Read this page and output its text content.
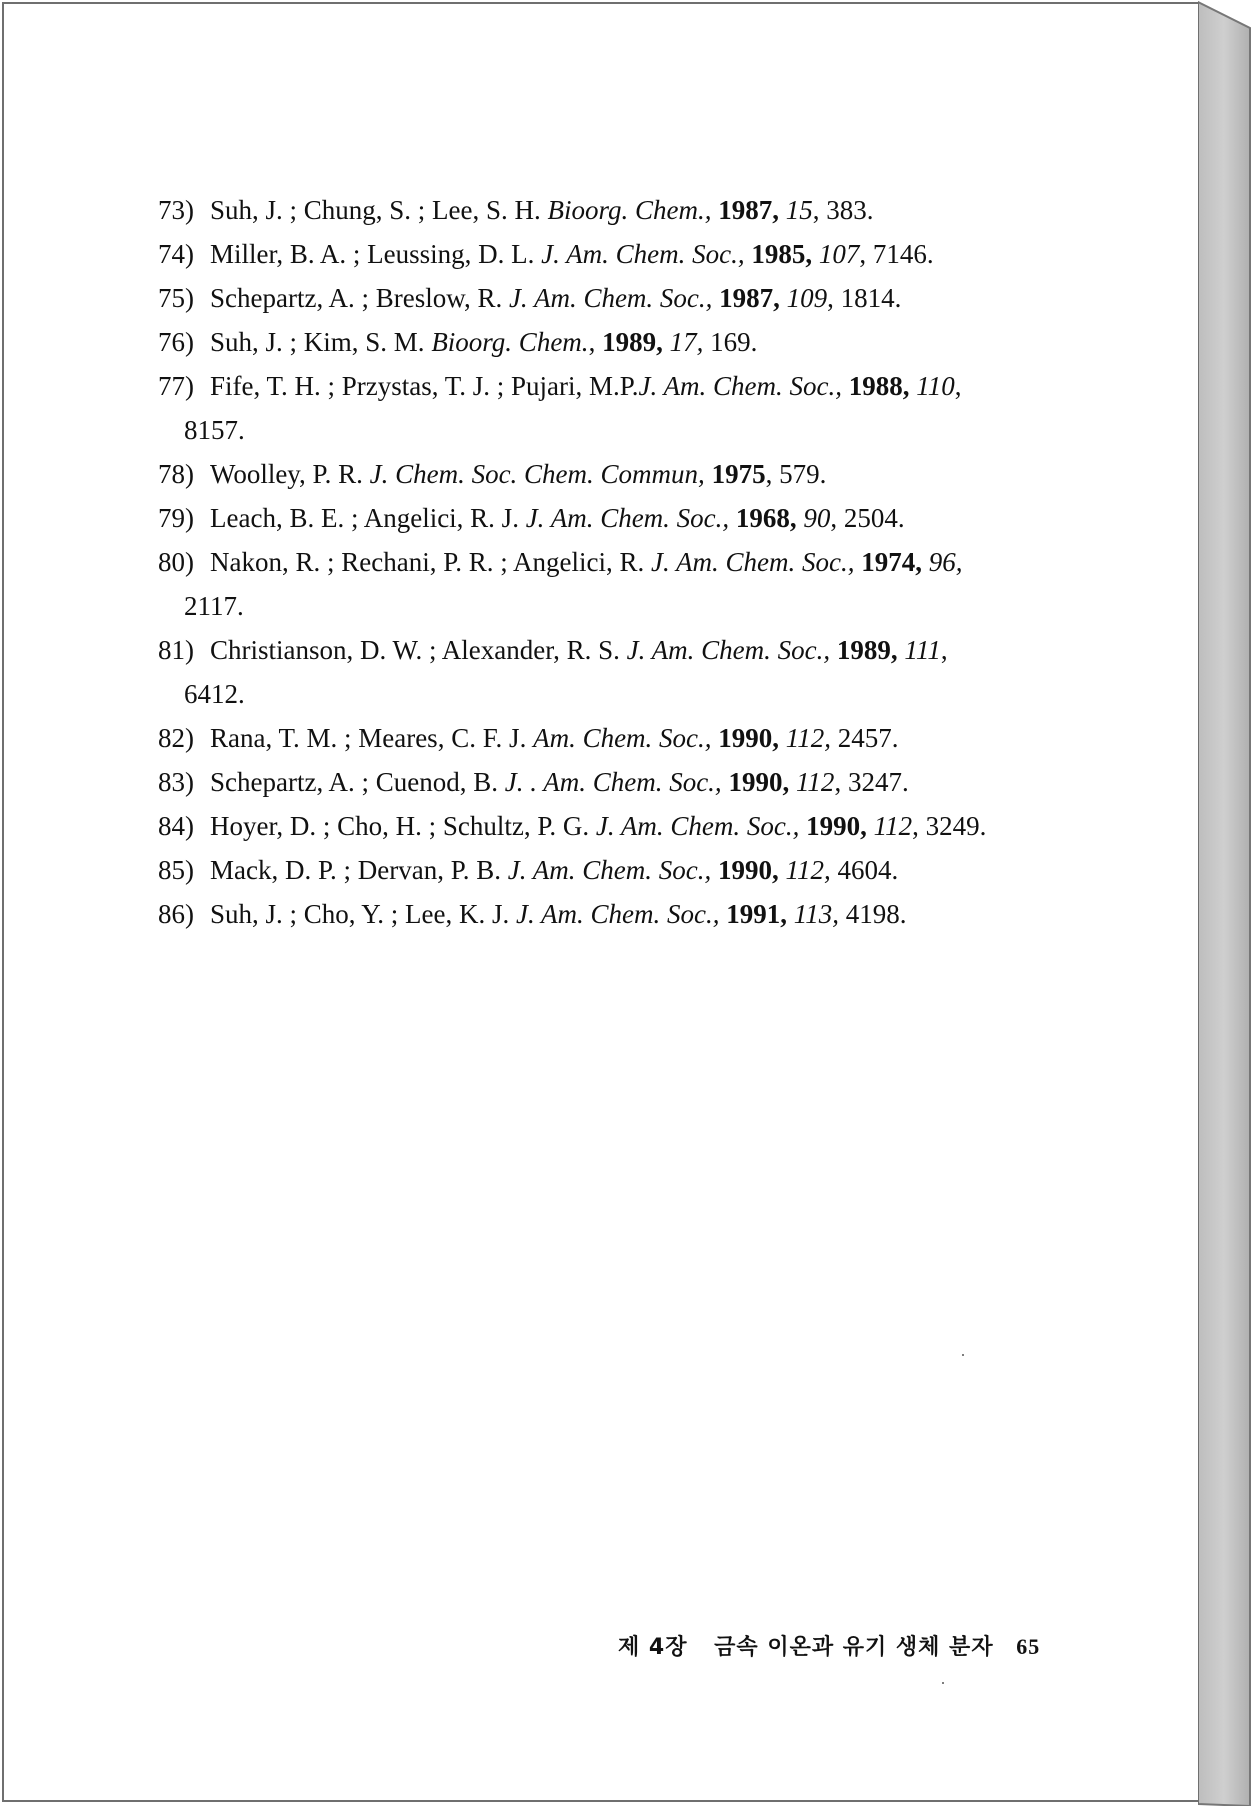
73) Suh, J. ; Chung, S. ; Lee, S. H. Bioorg. Chem., 1987, 15, 383.

74) Miller, B. A. ; Leussing, D. L. J. Am. Chem. Soc., 1985, 107, 7146.

75) Schepartz, A. ; Breslow, R. J. Am. Chem. Soc., 1987, 109, 1814.

76) Suh, J. ; Kim, S. M. Bioorg. Chem., 1989, 17, 169.

77) Fife, T. H. ; Przystas, T. J. ; Pujari, M.P.J. Am. Chem. Soc., 1988, 110,
8157.

78) Woolley, P. R. J. Chem. Soc. Chem. Commun, 1975, 579.

79) Leach, B. E. ; Angelici, R. J. J. Am. Chem. Soc., 1968, 90, 2504.

80) Nakon, R. ; Rechani, P. R. ; Angelici, R. J. Am. Chem. Soc., 1974, 96,
2117.

81) Christianson, D. W. ; Alexander, R. S. J. Am. Chem. Soc., 1989, 111,
6412.

82) Rana, T. M. ; Meares, C. F. J. Am. Chem. Soc., 1990, 112, 2457.

83) Schepartz, A. ; Cuenod, B. J. . Am. Chem. Soc., 1990, 112, 3247.

84) Hoyer, D. ; Cho, H. ; Schultz, P. G. J. Am. Chem. Soc., 1990, 112, 3249.

85) Mack, D. P. ; Dervan, P. B. J. Am. Chem. Soc., 1990, 112, 4604.

86) Suh, J. ; Cho, Y. ; Lee, K. J. J. Am. Chem. Soc., 1991, 113, 4198.

제 4장 금속 이온과 유기 생체 분자 65
